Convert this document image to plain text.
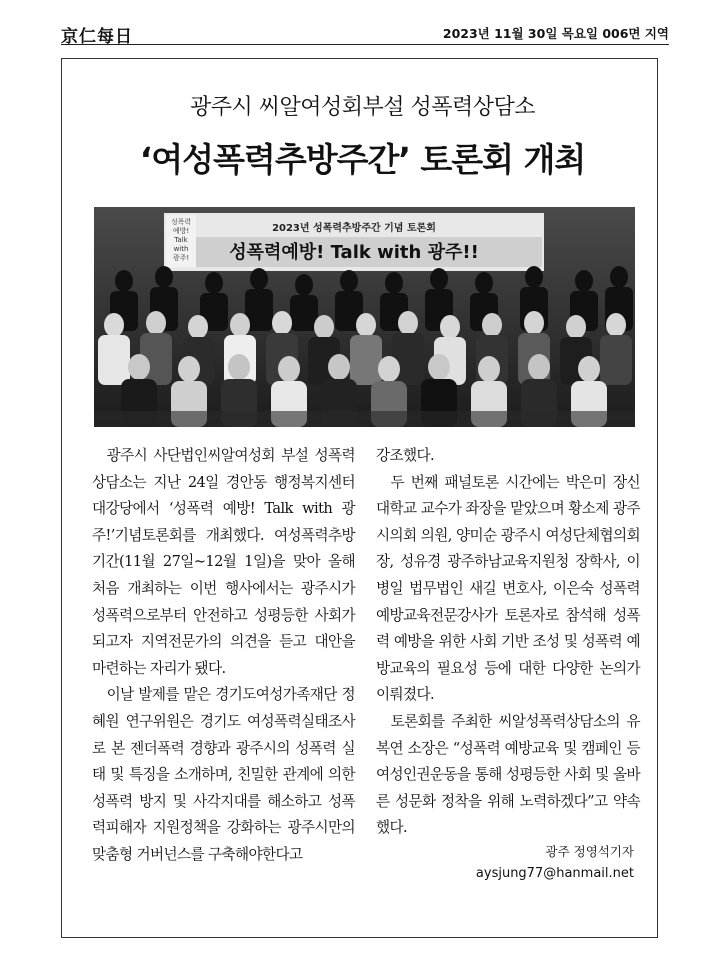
京仁每日	2023년 11월 30일 목요일 006면 지역
광주시 씨알여성회부설 성폭력상담소
‘여성폭력추방주간’ 토론회 개최
2023년 성폭력추방주간 기념 토론회
성폭력예방! Talk with 광주!!
성폭력
예방!
Talk
with
광주!

광주시 사단법인씨알여성회 부설 성폭력상담소는 지난 24일 경안동 행정복지센터 대강당에서 ‘성폭력 예방! Talk with 광주!’기념토론회를 개최했다. 여성폭력추방기간(11월 27일~12월 1일)을 맞아 올해 처음 개최하는 이번 행사에서는 광주시가 성폭력으로부터 안전하고 성평등한 사회가 되고자 지역전문가의 의견을 듣고 대안을 마련하는 자리가 됐다.

이날 발제를 맡은 경기도여성가족재단 정혜원 연구위원은 경기도 여성폭력실태조사로 본 젠더폭력 경향과 광주시의 성폭력 실태 및 특징을 소개하며, 친밀한 관계에 의한 성폭력 방지 및 사각지대를 해소하고 성폭력피해자 지원정책을 강화하는 광주시만의 맞춤형 거버넌스를 구축해야한다고

강조했다.

두 번째 패널토론 시간에는 박은미 장신대학교 교수가 좌장을 맡았으며 황소제 광주시의회 의원, 양미순 광주시 여성단체협의회장, 성유경 광주하남교육지원청 장학사, 이병일 법무법인 새길 변호사, 이은숙 성폭력예방교육전문강사가 토론자로 참석해 성폭력 예방을 위한 사회 기반 조성 및 성폭력 예방교육의 필요성 등에 대한 다양한 논의가 이뤄졌다.

토론회를 주최한 씨알성폭력상담소의 유복연 소장은 “성폭력 예방교육 및 캠페인 등 여성인권운동을 통해 성평등한 사회 및 올바른 성문화 정착을 위해 노력하겠다”고 약속했다.

광주 정영석기자
aysjung77@hanmail.net
